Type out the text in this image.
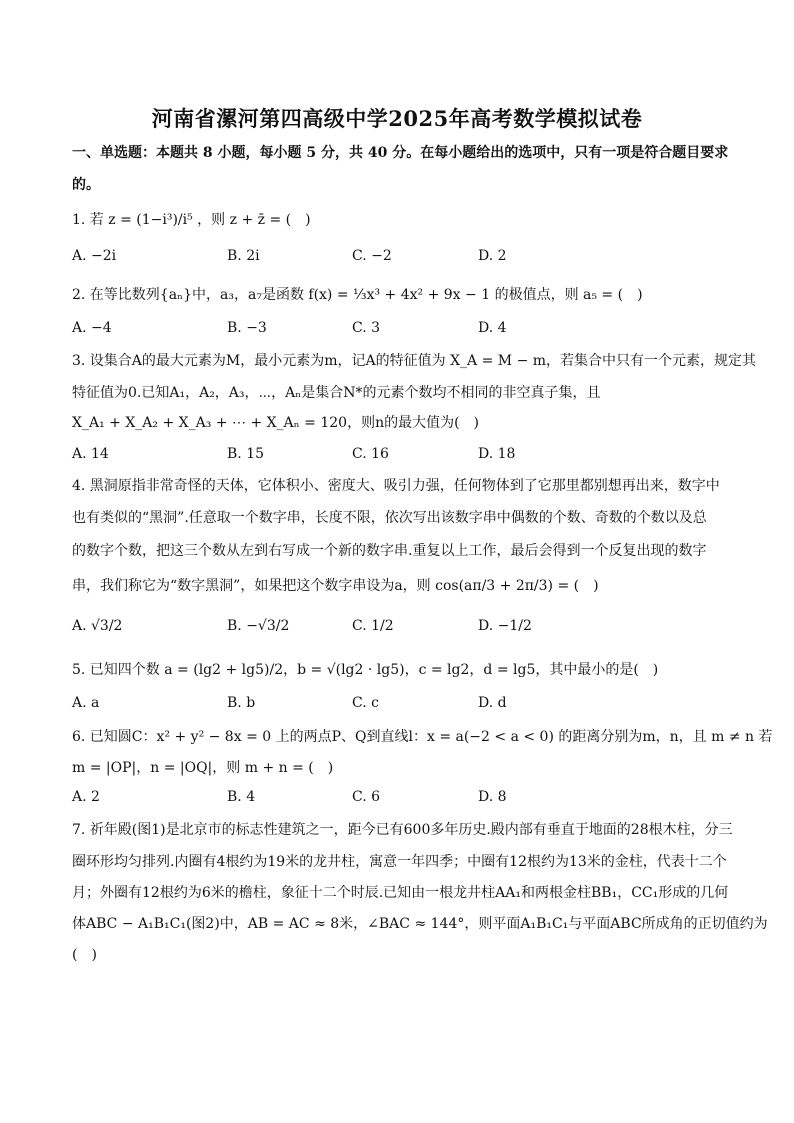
河南省漯河第四高级中学2025年高考数学模拟试卷
一、单选题：本题共 8 小题，每小题 5 分，共 40 分。在每小题给出的选项中，只有一项是符合题目要求
的。
1. 若 z = (1−i³)/i⁵ ，则 z + z̄ = (　)
A. −2i	B. 2i	C. −2	D. 2
2. 在等比数列{aₙ}中，a₃，a₇是函数 f(x) = ⅓x³ + 4x² + 9x − 1 的极值点，则 a₅ = (　)
A. −4	B. −3	C. 3	D. 4
3. 设集合A的最大元素为M，最小元素为m，记A的特征值为 X_A = M − m，若集合中只有一个元素，规定其
特征值为0.已知A₁，A₂，A₃，⋯，Aₙ是集合N*的元素个数均不相同的非空真子集，且
X_A₁ + X_A₂ + X_A₃ + ⋯ + X_Aₙ = 120，则n的最大值为(　)
A. 14	B. 15	C. 16	D. 18
4. 黑洞原指非常奇怪的天体，它体积小、密度大、吸引力强，任何物体到了它那里都别想再出来，数字中
也有类似的“黑洞”.任意取一个数字串，长度不限，依次写出该数字串中偶数的个数、奇数的个数以及总
的数字个数，把这三个数从左到右写成一个新的数字串.重复以上工作，最后会得到一个反复出现的数字
串，我们称它为“数字黑洞”，如果把这个数字串设为a，则 cos(aπ/3 + 2π/3) = (　)
A. √3/2	B. −√3/2	C. 1/2	D. −1/2
5. 已知四个数 a = (lg2 + lg5)/2，b = √(lg2 · lg5)，c = lg2，d = lg5，其中最小的是(　)
A. a	B. b	C. c	D. d
6. 已知圆C：x² + y² − 8x = 0 上的两点P、Q到直线l：x = a(−2 < a < 0) 的距离分别为m，n，且 m ≠ n 若
m = |OP|，n = |OQ|，则 m + n = (　)
A. 2	B. 4	C. 6	D. 8
7. 祈年殿(图1)是北京市的标志性建筑之一，距今已有600多年历史.殿内部有垂直于地面的28根木柱，分三
圈环形均匀排列.内圈有4根约为19米的龙井柱，寓意一年四季；中圈有12根约为13米的金柱，代表十二个
月；外圈有12根约为6米的檐柱，象征十二个时辰.已知由一根龙井柱AA₁和两根金柱BB₁，CC₁形成的几何
体ABC − A₁B₁C₁(图2)中，AB = AC ≈ 8米，∠BAC ≈ 144°，则平面A₁B₁C₁与平面ABC所成角的正切值约为
(　)
